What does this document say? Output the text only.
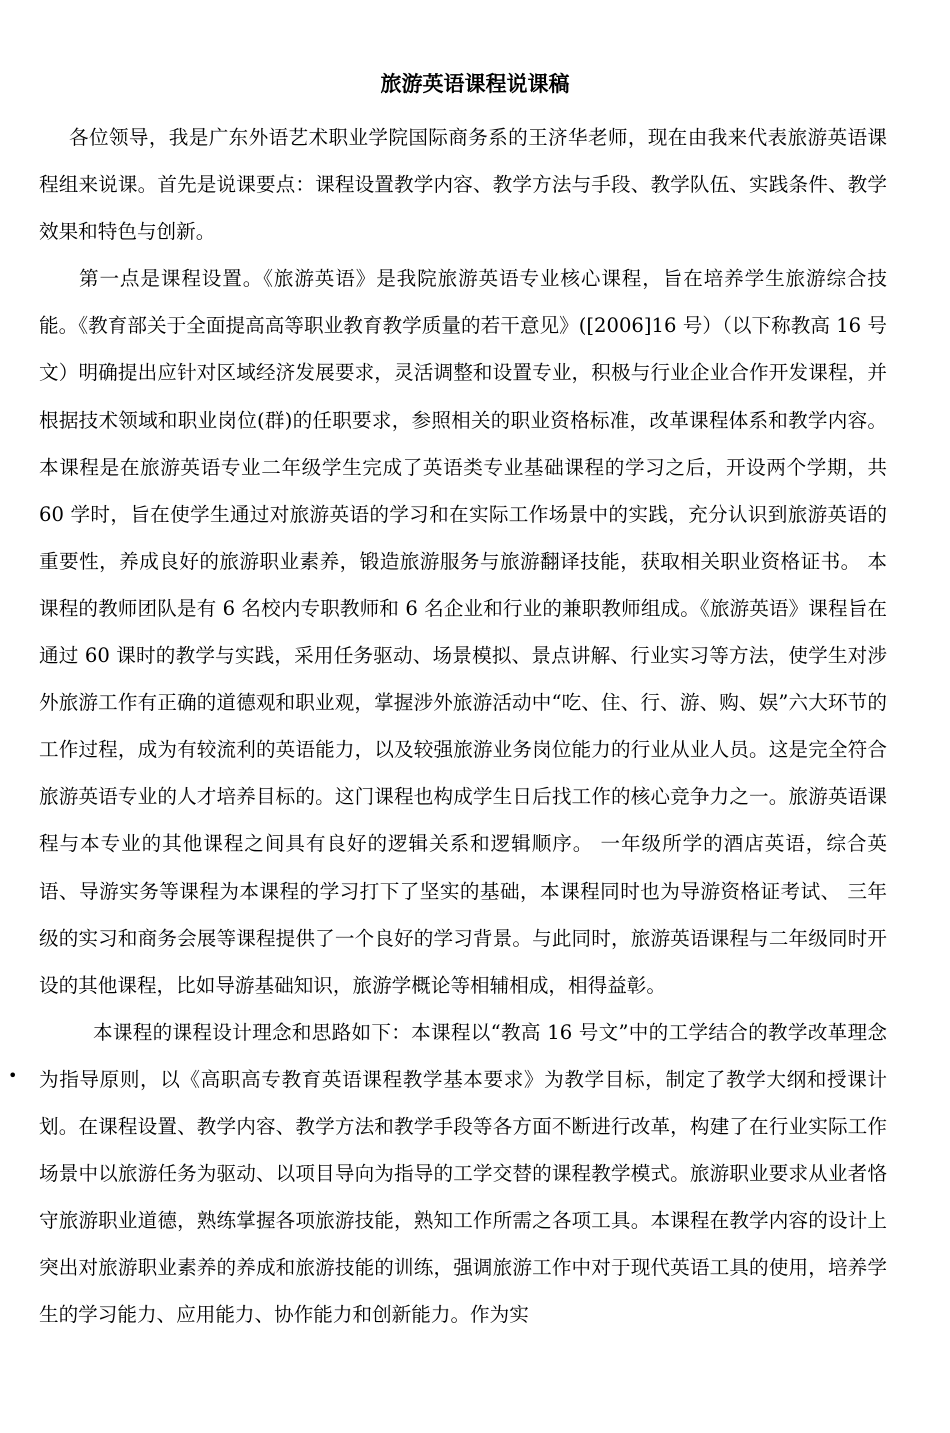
旅游英语课程说课稿
•

各位领导，我是广东外语艺术职业学院国际商务系的王济华老师，现在由我来代表旅游英语课程组来说课。首先是说课要点：课程设置教学内容、教学方法与手段、教学队伍、实践条件、教学效果和特色与创新。

第一点是课程设置。《旅游英语》是我院旅游英语专业核心课程，旨在培养学生旅游综合技能。《教育部关于全面提高高等职业教育教学质量的若干意见》([2006]16 号）（以下称教高 16 号文）明确提出应针对区域经济发展要求，灵活调整和设置专业，积极与行业企业合作开发课程，并根据技术领域和职业岗位(群)的任职要求，参照相关的职业资格标准，改革课程体系和教学内容。本课程是在旅游英语专业二年级学生完成了英语类专业基础课程的学习之后，开设两个学期，共 60 学时，旨在使学生通过对旅游英语的学习和在实际工作场景中的实践，充分认识到旅游英语的重要性，养成良好的旅游职业素养，锻造旅游服务与旅游翻译技能，获取相关职业资格证书。 本课程的教师团队是有 6 名校内专职教师和 6 名企业和行业的兼职教师组成。《旅游英语》课程旨在通过 60 课时的教学与实践，采用任务驱动、场景模拟、景点讲解、行业实习等方法，使学生对涉外旅游工作有正确的道德观和职业观，掌握涉外旅游活动中“吃、住、行、游、购、娱”六大环节的工作过程，成为有较流利的英语能力，以及较强旅游业务岗位能力的行业从业人员。这是完全符合旅游英语专业的人才培养目标的。这门课程也构成学生日后找工作的核心竞争力之一。旅游英语课程与本专业的其他课程之间具有良好的逻辑关系和逻辑顺序。 一年级所学的酒店英语，综合英语、导游实务等课程为本课程的学习打下了坚实的基础，本课程同时也为导游资格证考试、 三年级的实习和商务会展等课程提供了一个良好的学习背景。与此同时，旅游英语课程与二年级同时开设的其他课程，比如导游基础知识，旅游学概论等相辅相成，相得益彰。

本课程的课程设计理念和思路如下：本课程以“教高 16 号文”中的工学结合的教学改革理念为指导原则，以《高职高专教育英语课程教学基本要求》为教学目标，制定了教学大纲和授课计划。在课程设置、教学内容、教学方法和教学手段等各方面不断进行改革，构建了在行业实际工作场景中以旅游任务为驱动、以项目导向为指导的工学交替的课程教学模式。旅游职业要求从业者恪守旅游职业道德，熟练掌握各项旅游技能，熟知工作所需之各项工具。本课程在教学内容的设计上突出对旅游职业素养的养成和旅游技能的训练，强调旅游工作中对于现代英语工具的使用，培养学生的学习能力、应用能力、协作能力和创新能力。作为实
